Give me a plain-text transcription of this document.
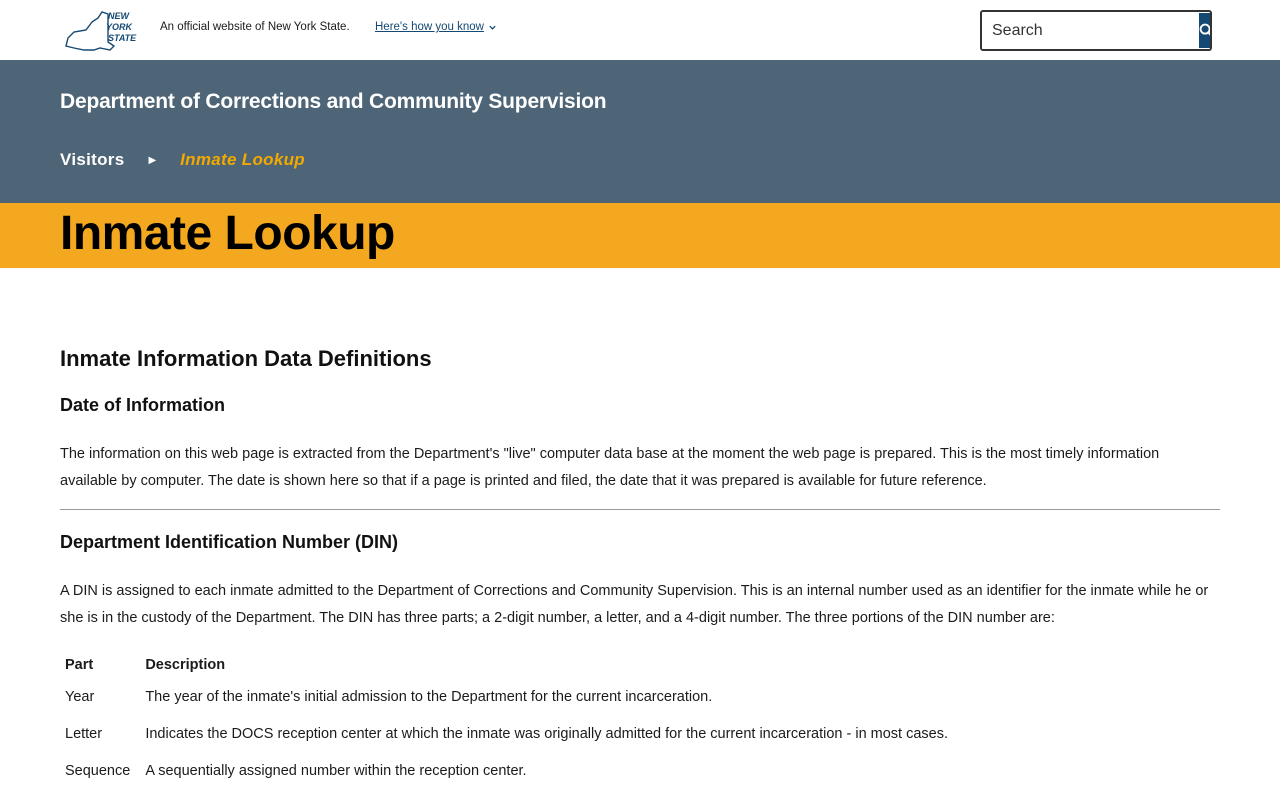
NEW
YORK
STATE
An official website of New York State. Here's how you know
Search
Department of Corrections and Community Supervision
Visitors ▶ Inmate Lookup
Inmate Lookup
Inmate Information Data Definitions
Date of Information

The information on this web page is extracted from the Department's "live" computer data base at the moment the web page is prepared. This is the most timely information available by computer. The date is shown here so that if a page is printed and filed, the date that it was prepared is available for future reference.

Department Identification Number (DIN)

A DIN is assigned to each inmate admitted to the Department of Corrections and Community Supervision. This is an internal number used as an identifier for the inmate while he or she is in the custody of the Department. The DIN has three parts; a 2-digit number, a letter, and a 4-digit number. The three portions of the DIN number are:

Part	Description
Year	The year of the inmate's initial admission to the Department for the current incarceration.
Letter	Indicates the DOCS reception center at which the inmate was originally admitted for the current incarceration - in most cases.
Sequence	A sequentially assigned number within the reception center.
